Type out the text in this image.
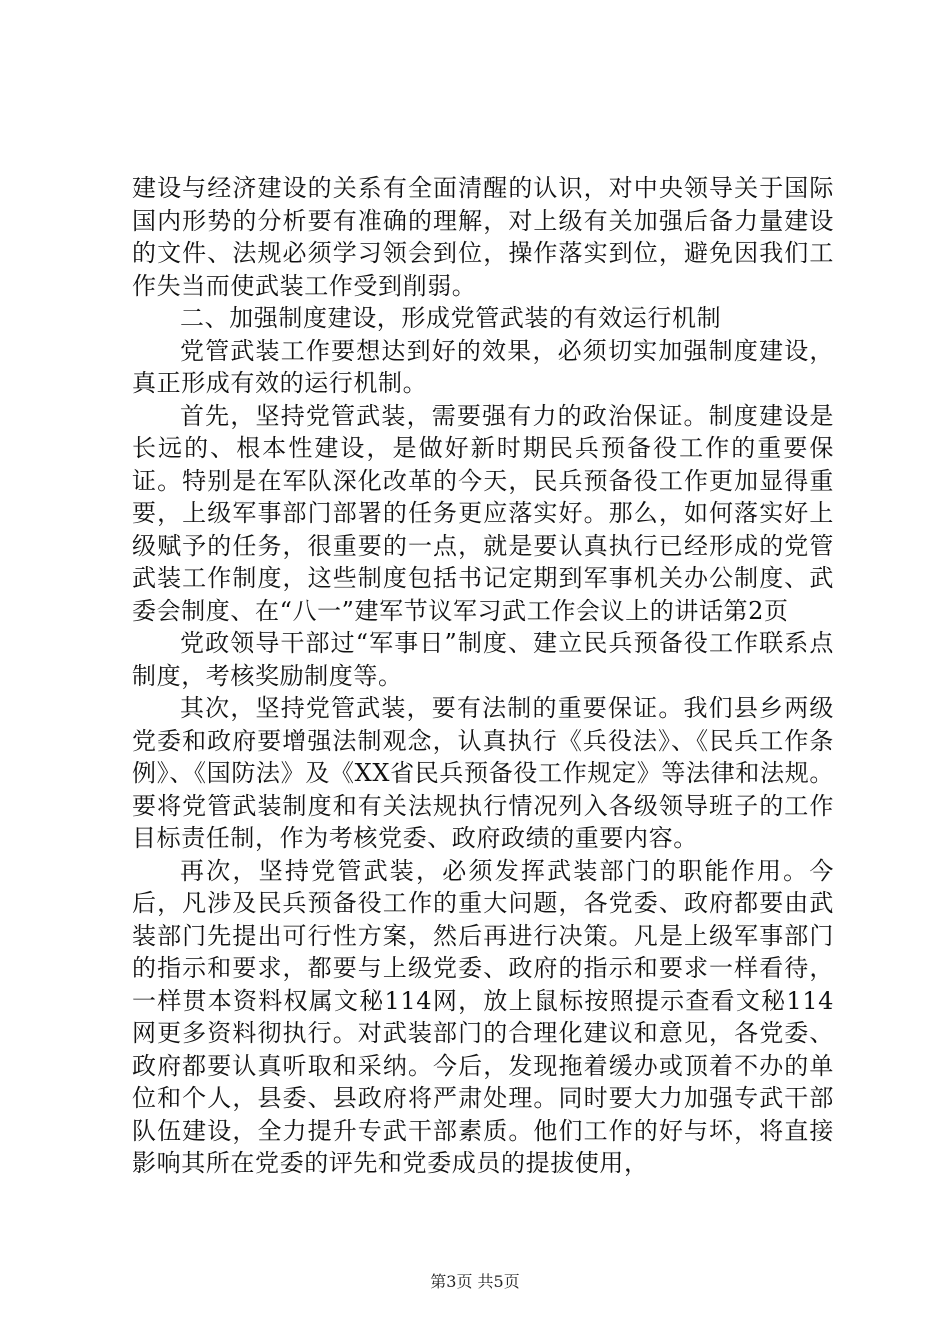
建设与经济建设的关系有全面清醒的认识，对中央领导关于国际国内形势的分析要有准确的理解，对上级有关加强后备力量建设的文件、法规必须学习领会到位，操作落实到位，避免因我们工作失当而使武装工作受到削弱。

二、加强制度建设，形成党管武装的有效运行机制

党管武装工作要想达到好的效果，必须切实加强制度建设，真正形成有效的运行机制。

首先，坚持党管武装，需要强有力的政治保证。制度建设是长远的、根本性建设，是做好新时期民兵预备役工作的重要保证。特别是在军队深化改革的今天，民兵预备役工作更加显得重要，上级军事部门部署的任务更应落实好。那么，如何落实好上级赋予的任务，很重要的一点，就是要认真执行已经形成的党管武装工作制度，这些制度包括书记定期到军事机关办公制度、武委会制度、在“八一”建军节议军习武工作会议上的讲话第2页

党政领导干部过“军事日”制度、建立民兵预备役工作联系点制度，考核奖励制度等。

其次，坚持党管武装，要有法制的重要保证。我们县乡两级党委和政府要增强法制观念，认真执行《兵役法》、《民兵工作条例》、《国防法》及《XX省民兵预备役工作规定》等法律和法规。要将党管武装制度和有关法规执行情况列入各级领导班子的工作目标责任制，作为考核党委、政府政绩的重要内容。

再次，坚持党管武装，必须发挥武装部门的职能作用。今后，凡涉及民兵预备役工作的重大问题，各党委、政府都要由武装部门先提出可行性方案，然后再进行决策。凡是上级军事部门的指示和要求，都要与上级党委、政府的指示和要求一样看待，一样贯本资料权属文秘114网，放上鼠标按照提示查看文秘114网更多资料彻执行。对武装部门的合理化建议和意见，各党委、政府都要认真听取和采纳。今后，发现拖着缓办或顶着不办的单位和个人，县委、县政府将严肃处理。同时要大力加强专武干部队伍建设，全力提升专武干部素质。他们工作的好与坏，将直接影响其所在党委的评先和党委成员的提拔使用，

第3页 共5页
